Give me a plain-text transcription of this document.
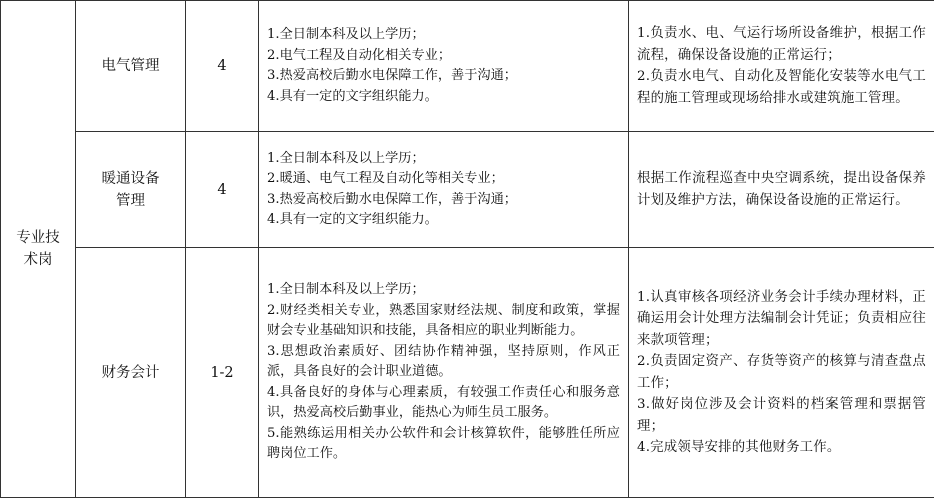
专业技术岗	电气管理	4	1.全日制本科及以上学历；
2.电气工程及自动化相关专业；
3.热爱高校后勤水电保障工作，善于沟通；
4.具有一定的文字组织能力。	1.负责水、电、气运行场所设备维护，根据工作流程，确保设备设施的正常运行；
2.负责水电气、自动化及智能化安装等水电气工程的施工管理或现场给排水或建筑施工管理。

	暖通设备管理	4	1.全日制本科及以上学历；
2.暖通、电气工程及自动化等相关专业；
3.热爱高校后勤水电保障工作，善于沟通；
4.具有一定的文字组织能力。	根据工作流程巡查中央空调系统，提出设备保养计划及维护方法，确保设备设施的正常运行。

	财务会计	1-2	1.全日制本科及以上学历；
2.财经类相关专业，熟悉国家财经法规、制度和政策，掌握财会专业基础知识和技能，具备相应的职业判断能力。
3.思想政治素质好、团结协作精神强，坚持原则，作风正派，具备良好的会计职业道德。
4.具备良好的身体与心理素质，有较强工作责任心和服务意识，热爱高校后勤事业，能热心为师生员工服务。
5.能熟练运用相关办公软件和会计核算软件，能够胜任所应聘岗位工作。	1.认真审核各项经济业务会计手续办理材料，正确运用会计处理方法编制会计凭证；负责相应往来款项管理；
2.负责固定资产、存货等资产的核算与清查盘点工作；
3.做好岗位涉及会计资料的档案管理和票据管理；
4.完成领导安排的其他财务工作。
